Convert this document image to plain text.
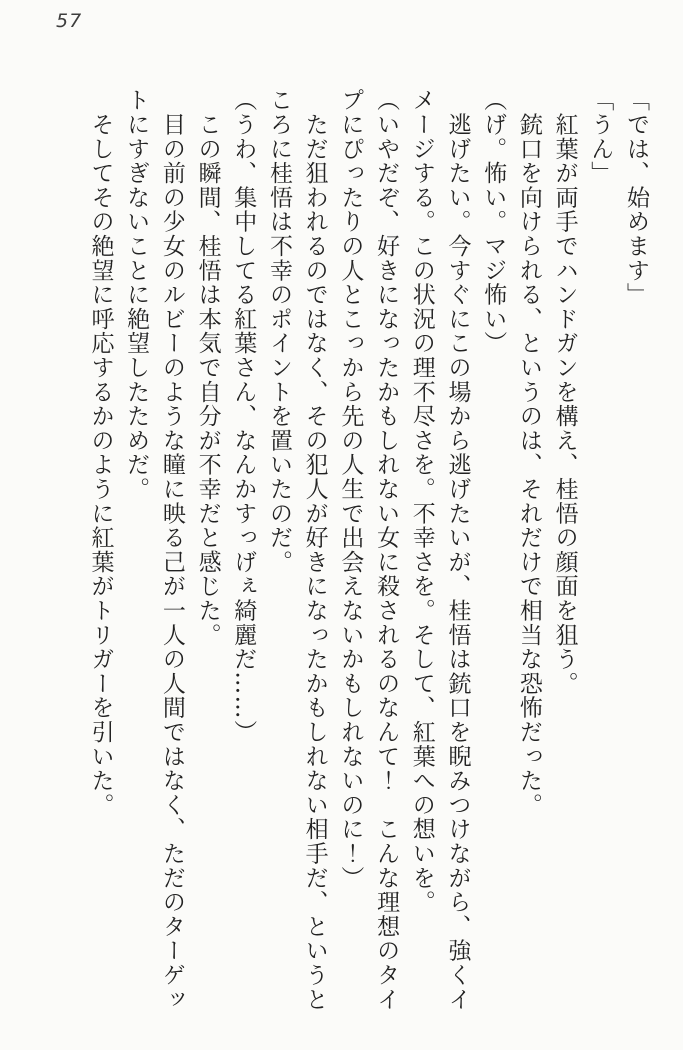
57

「では、始めます」

「うん」

　紅葉が両手でハンドガンを構え、桂悟の顔面を狙う。

　銃口を向けられる、というのは、それだけで相当な恐怖だった。

（げ。怖い。マジ怖い）

　逃げたい。今すぐにこの場から逃げたいが、桂悟は銃口を睨みつけながら、強くイ

メージする。この状況の理不尽さを。不幸さを。そして、紅葉への想いを。

（いやだぞ、好きになったかもしれない女に殺されるのなんて！　こんな理想のタイ

プにぴったりの人とこっから先の人生で出会えないかもしれないのに！）

　ただ狙われるのではなく、その犯人が好きになったかもしれない相手だ、というと

ころに桂悟は不幸のポイントを置いたのだ。

（うわ、集中してる紅葉さん、なんかすっげぇ綺麗だ……）

　この瞬間、桂悟は本気で自分が不幸だと感じた。

　目の前の少女のルビーのような瞳に映る己が一人の人間ではなく、ただのターゲッ

トにすぎないことに絶望したためだ。

　そしてその絶望に呼応するかのように紅葉がトリガーを引いた。
